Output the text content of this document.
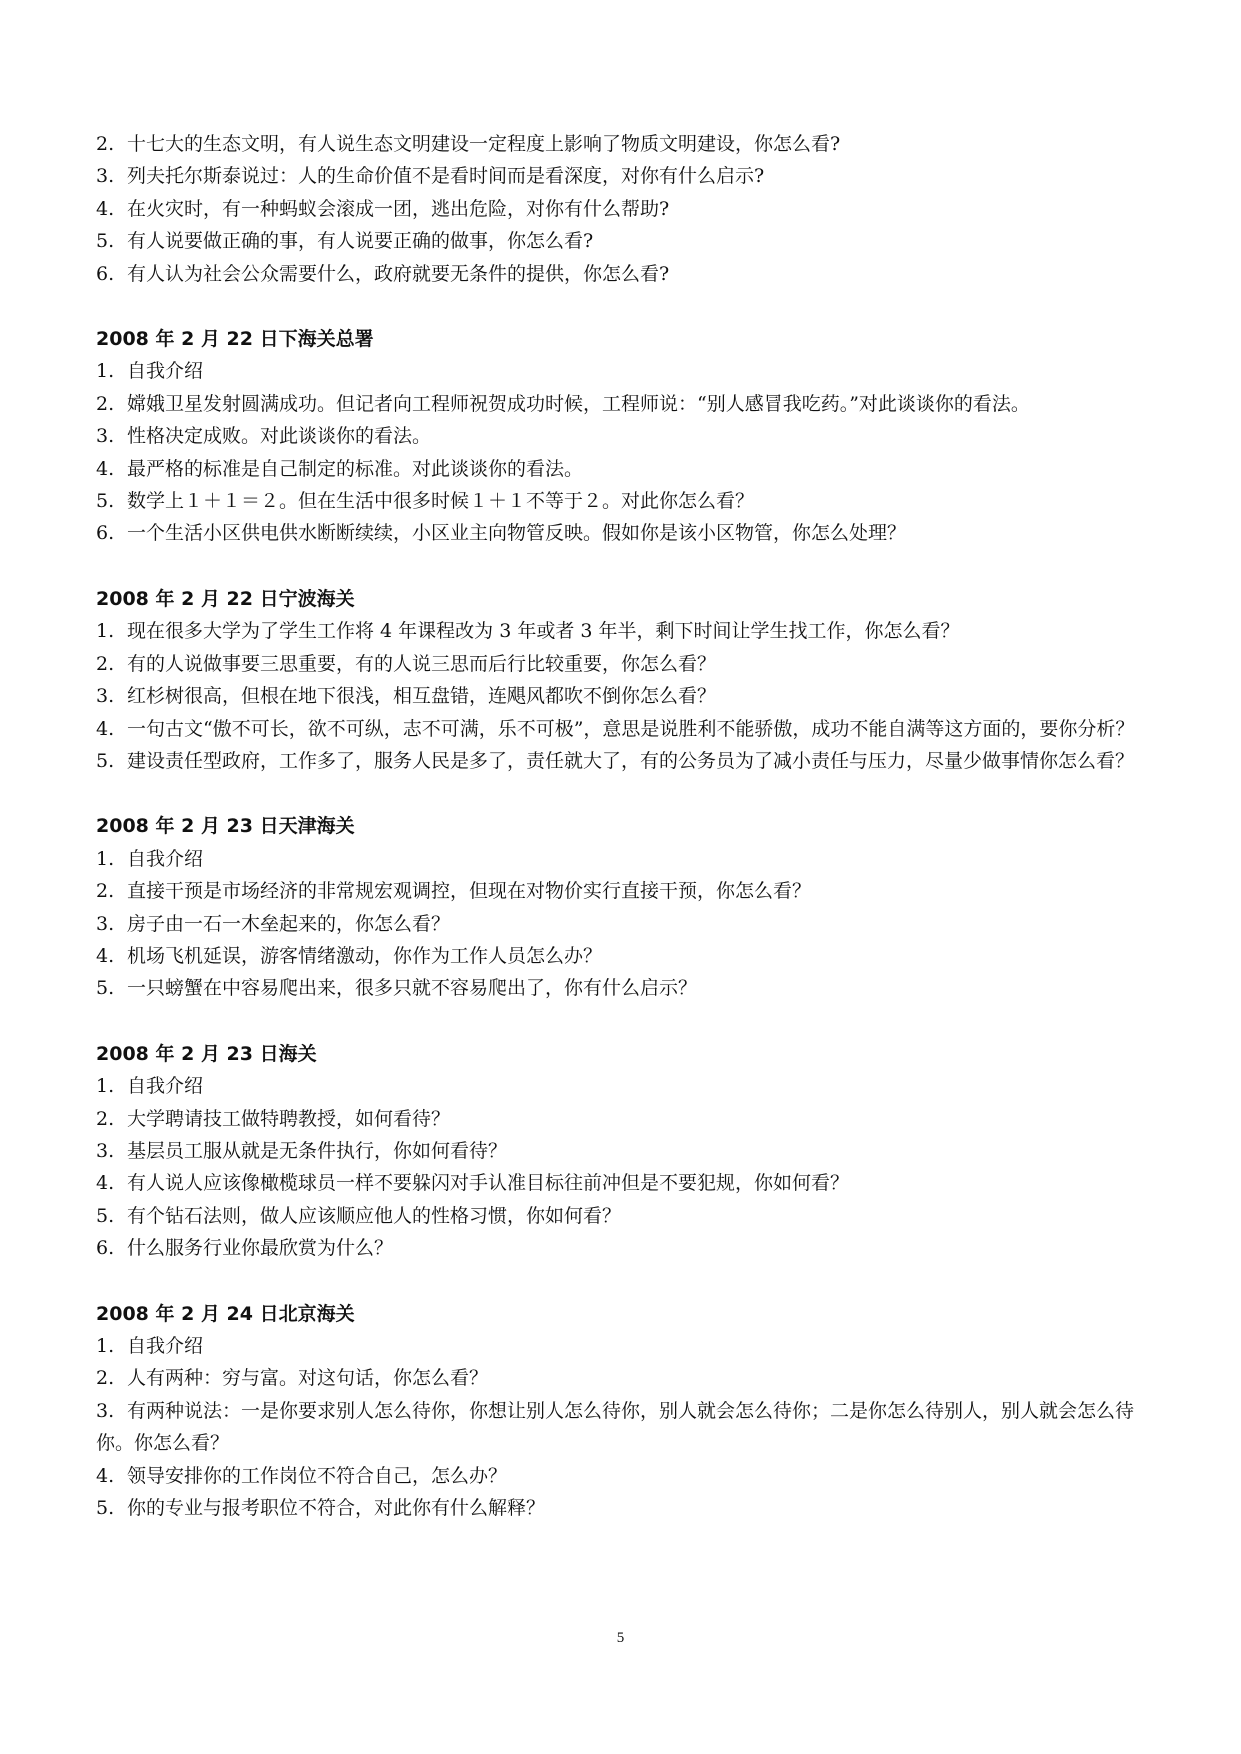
2. 十七大的生态文明，有人说生态文明建设一定程度上影响了物质文明建设，你怎么看?
3. 列夫托尔斯泰说过：人的生命价值不是看时间而是看深度，对你有什么启示?
4. 在火灾时，有一种蚂蚁会滚成一团，逃出危险，对你有什么帮助?
5. 有人说要做正确的事，有人说要正确的做事，你怎么看?
6. 有人认为社会公众需要什么，政府就要无条件的提供，你怎么看?
2008 年 2 月 22 日下海关总署
1. 自我介绍
2. 嫦娥卫星发射圆满成功。但记者向工程师祝贺成功时候，工程师说：“别人感冒我吃药。”对此谈谈你的看法。
3. 性格决定成败。对此谈谈你的看法。
4. 最严格的标准是自己制定的标准。对此谈谈你的看法。
5. 数学上１＋１＝２。但在生活中很多时候１＋１不等于２。对此你怎么看？
6. 一个生活小区供电供水断断续续，小区业主向物管反映。假如你是该小区物管，你怎么处理？
2008 年 2 月 22 日宁波海关
1. 现在很多大学为了学生工作将 4 年课程改为 3 年或者 3 年半，剩下时间让学生找工作，你怎么看？
2. 有的人说做事要三思重要，有的人说三思而后行比较重要，你怎么看？
3. 红杉树很高，但根在地下很浅，相互盘错，连飓风都吹不倒你怎么看？
4. 一句古文“傲不可长，欲不可纵，志不可满，乐不可极”，意思是说胜利不能骄傲，成功不能自满等这方面的，要你分析？
5. 建设责任型政府，工作多了，服务人民是多了，责任就大了，有的公务员为了减小责任与压力，尽量少做事情你怎么看？
2008 年 2 月 23 日天津海关
1. 自我介绍
2. 直接干预是市场经济的非常规宏观调控，但现在对物价实行直接干预，你怎么看？
3. 房子由一石一木垒起来的，你怎么看？
4. 机场飞机延误，游客情绪激动，你作为工作人员怎么办？
5. 一只螃蟹在中容易爬出来，很多只就不容易爬出了，你有什么启示？
2008 年 2 月 23 日海关
1. 自我介绍
2. 大学聘请技工做特聘教授，如何看待？
3. 基层员工服从就是无条件执行，你如何看待？
4. 有人说人应该像橄榄球员一样不要躲闪对手认准目标往前冲但是不要犯规，你如何看？
5. 有个钻石法则，做人应该顺应他人的性格习惯，你如何看？
6. 什么服务行业你最欣赏为什么？
2008 年 2 月 24 日北京海关
1. 自我介绍
2. 人有两种：穷与富。对这句话，你怎么看？
3. 有两种说法：一是你要求别人怎么待你，你想让别人怎么待你，别人就会怎么待你；二是你怎么待别人，别人就会怎么待你。你怎么看？
4. 领导安排你的工作岗位不符合自己，怎么办？
5. 你的专业与报考职位不符合，对此你有什么解释？
5
